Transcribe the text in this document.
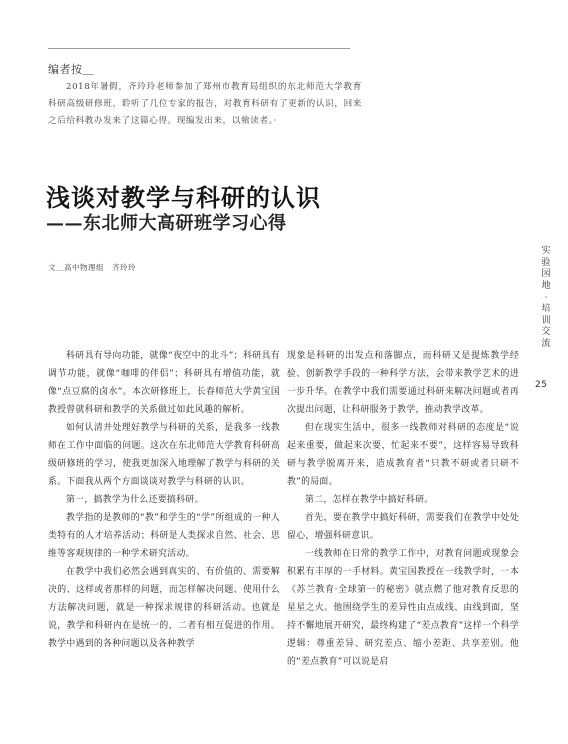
编者按＿

2018年暑假，齐玲玲老师参加了郑州市教育局组织的东北师范大学教育科研高级研修班，聆听了几位专家的报告，对教育科研有了更新的认识，回来之后给科教办发来了这篇心得。现编发出来，以飨读者。·

浅谈对教学与科研的认识
——东北师大高研班学习心得
文＿高中物理组　齐玲玲
实
验
园
地
·
培
训
交
流
25

科研具有导向功能，就像“夜空中的北斗”；科研具有调节功能，就像“咖啡的伴侣”；科研具有增值功能，就像“点豆腐的卤水”。本次研修班上，长春师范大学黄宝国教授曾就科研和教学的关系做过如此风趣的解析。

如何认清并处理好教学与科研的关系，是我多一线教师在工作中面临的问题。这次在东北师范大学教育科研高级研修班的学习，使我更加深入地理解了教学与科研的关系。下面我从两个方面谈谈对教学与科研的认识。

第一，搞教学为什么还要搞科研。

教学指的是教师的“教”和学生的“学”所组成的一种人类特有的人才培养活动；科研是人类探求自然、社会、思维等客观规律的一种学术研究活动。

在教学中我们必然会遇到真实的、有价值的、需要解决的、这样或者那样的问题，而怎样解决问题、使用什么方法解决问题，就是一种探求规律的科研活动。也就是说，教学和科研内在是统一的，二者有相互促进的作用。教学中遇到的各种问题以及各种教学

现象是科研的出发点和落脚点，而科研又是提炼教学经验、创新教学手段的一种科学方法，会带来教学艺术的进一步升华。在教学中我们需要通过科研来解决问题或者再次提出问题，让科研服务于教学，推动教学改革。

但在现实生活中，很多一线教师对科研的态度是“说起来重要，做起来次要，忙起来不要”，这样容易导致科研与教学脱离开来，造成教育者“只教不研或者只研不教”的局面。

第二，怎样在教学中搞好科研。

首先，要在教学中搞好科研，需要我们在教学中处处留心，增强科研意识。

一线教师在日常的教学工作中，对教育问题或现象会积累有丰厚的一手材料。黄宝国教授在一线教学时，一本《苏兰教育·全球第一的秘密》就点燃了他对教育反思的星星之火。他围绕学生的差异性由点成线、由线到面，坚持不懈地展开研究，最终构建了“差点教育”这样一个科学逻辑：尊重差异、研究差点、缩小差距、共享差别。他的“差点教育”可以说是启
